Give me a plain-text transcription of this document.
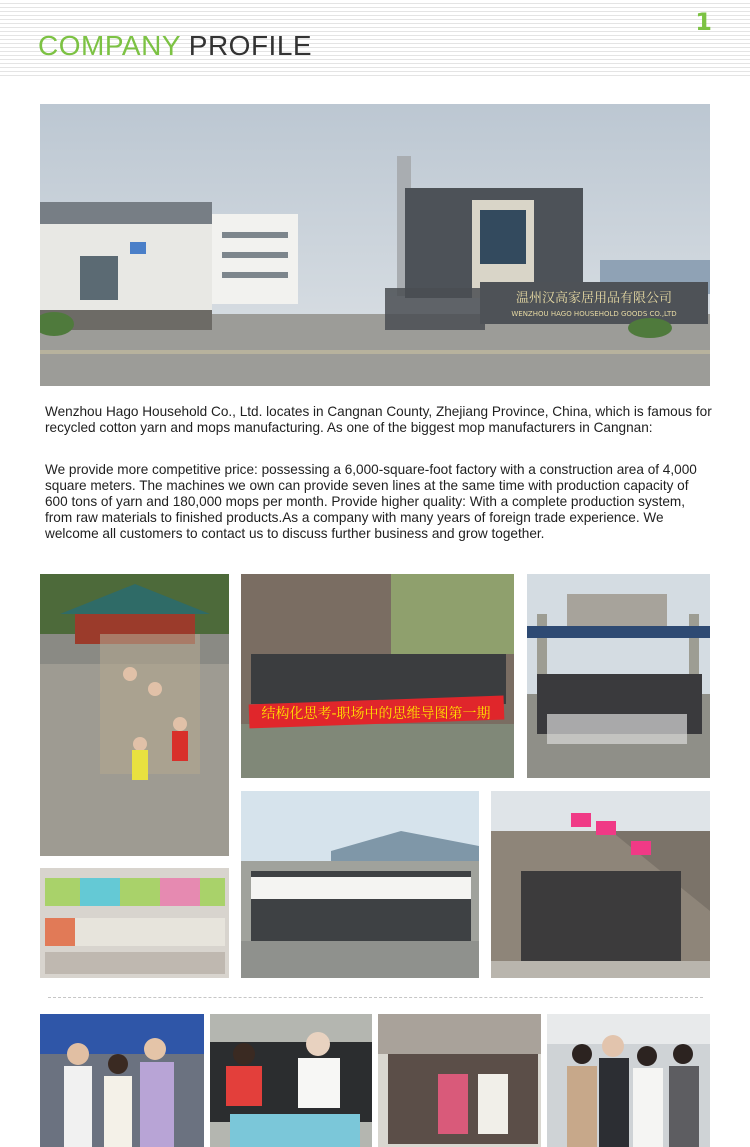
COMPANY PROFILE
1
温州汉高家居用品有限公司
WENZHOU HAGO HOUSEHOLD GOODS CO.,LTD
Wenzhou Hago Household Co., Ltd. locates in Cangnan County, Zhejiang Province, China, which is famous for recycled cotton yarn and mops manufacturing. As one of the biggest mop manufacturers in Cangnan:
We provide more competitive price: possessing a 6,000-square-foot factory with a construction area of 4,000 square meters. The machines we own can provide seven lines at the same time with production capacity of 600 tons of yarn and 180,000 mops per month. Provide higher quality: With a complete production system, from raw materials to finished products.As a company with many years of foreign trade experience. We welcome all customers to contact us to discuss further business and grow together.
结构化思考-职场中的思维导图第一期
